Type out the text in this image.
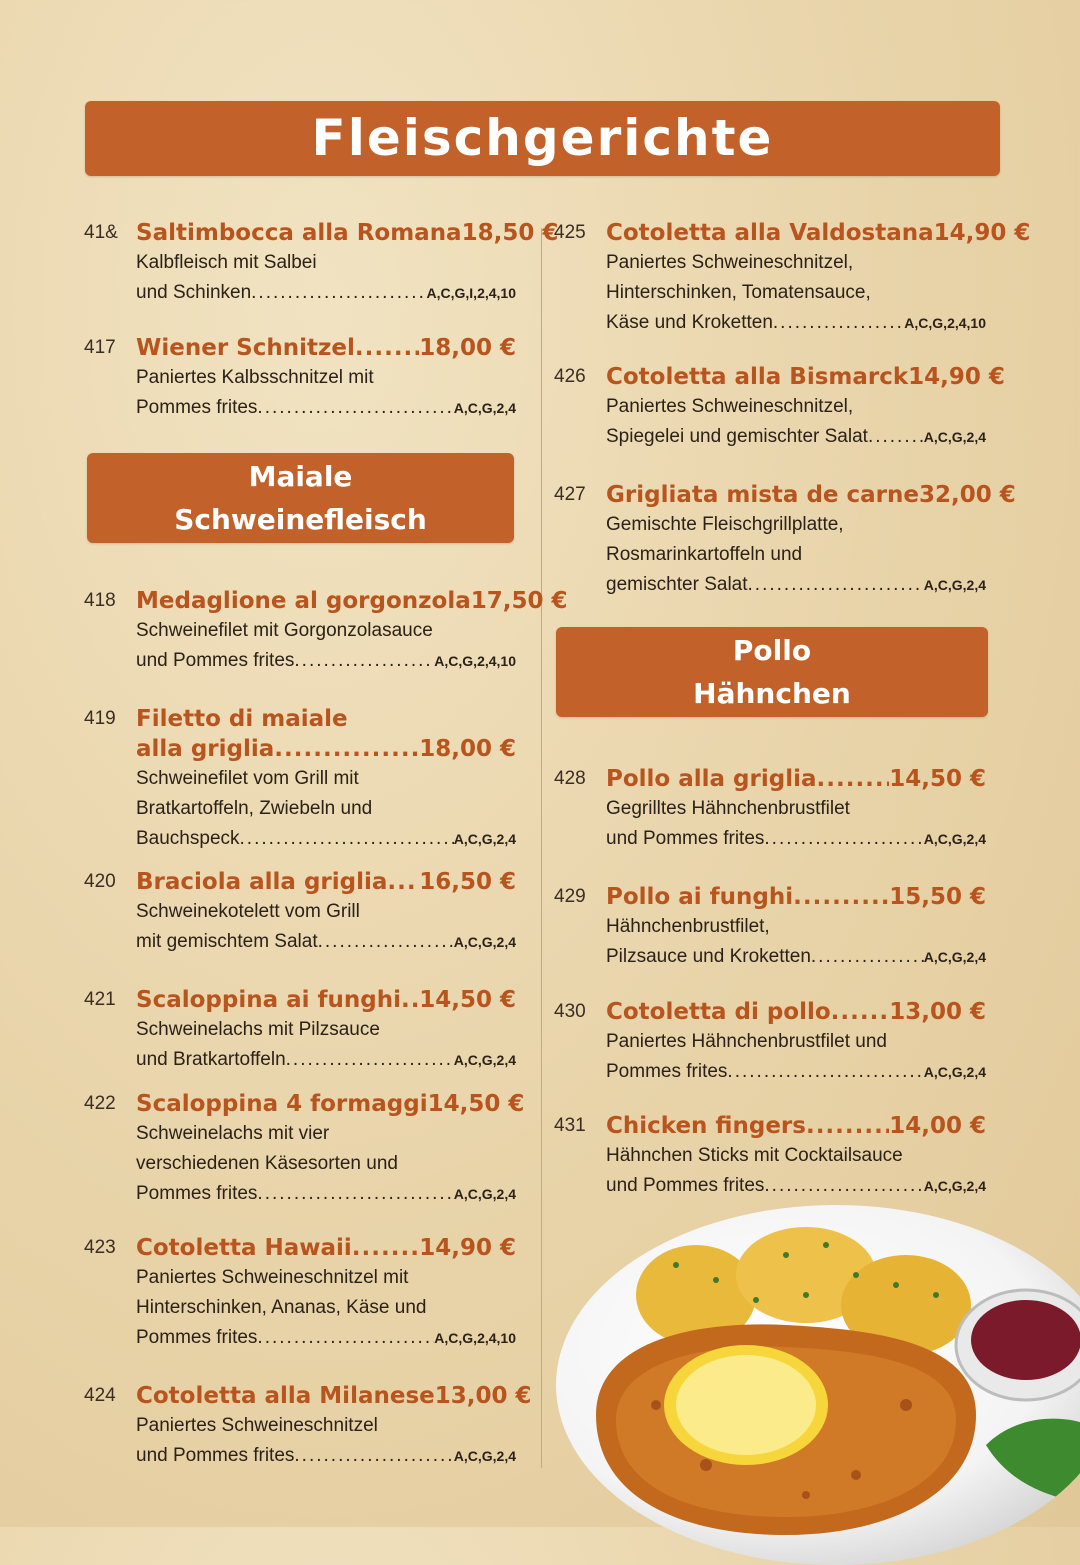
Fleischgerichte
Maiale
Schweinefleisch
Pollo
Hähnchen
41& Saltimbocca alla Romana 18,50 €
Kalbfleisch mit Salbei
und Schinken .....	A,C,G,I,2,4,10
417 Wiener Schnitzel .....	18,00 €
Paniertes Kalbsschnitzel mit
Pommes frites .....	A,C,G,2,4
418 Medaglione al gorgonzola 17,50 €
Schweinefilet mit Gorgonzolasauce
und Pommes frites .....	A,C,G,2,4,10
419 Filetto di maiale
alla griglia .....	18,00 €
Schweinefilet vom Grill mit
Bratkartoffeln, Zwiebeln und
Bauchspeck .....	A,C,G,2,4
420 Braciola alla griglia ..... 16,50 €
Schweinekotelett vom Grill
mit gemischtem Salat .....	A,C,G,2,4
421 Scaloppina ai funghi ..... 14,50 €
Schweinelachs mit Pilzsauce
und Bratkartoffeln .....	A,C,G,2,4
422 Scaloppina 4 formaggi 14,50 €
Schweinelachs mit vier
verschiedenen Käsesorten und
Pommes frites .....	A,C,G,2,4
423 Cotoletta Hawaii .....	14,90 €
Paniertes Schweineschnitzel mit
Hinterschinken, Ananas, Käse und
Pommes frites .....	A,C,G,2,4,10
424 Cotoletta alla Milanese 13,00 €
Paniertes Schweineschnitzel
und Pommes frites .....	A,C,G,2,4
425 Cotoletta alla Valdostana 14,90 €
Paniertes Schweineschnitzel,
Hinterschinken, Tomatensauce,
Käse und Kroketten .....	A,C,G,2,4,10
426 Cotoletta alla Bismarck 14,90 €
Paniertes Schweineschnitzel,
Spiegelei und gemischter Salat .....	A,C,G,2,4
427 Grigliata mista de carne 32,00 €
Gemischte Fleischgrillplatte,
Rosmarinkartoffeln und
gemischter Salat .....	A,C,G,2,4
428 Pollo alla griglia .....	14,50 €
Gegrilltes Hähnchenbrustfilet
und Pommes frites .....	A,C,G,2,4
429 Pollo ai funghi .....	15,50 €
Hähnchenbrustfilet,
Pilzsauce und Kroketten .....	A,C,G,2,4
430 Cotoletta di pollo .....	13,00 €
Paniertes Hähnchenbrustfilet und
Pommes frites .....	A,C,G,2,4
431 Chicken fingers .....	14,00 €
Hähnchen Sticks mit Cocktailsauce
und Pommes frites .....	A,C,G,2,4
